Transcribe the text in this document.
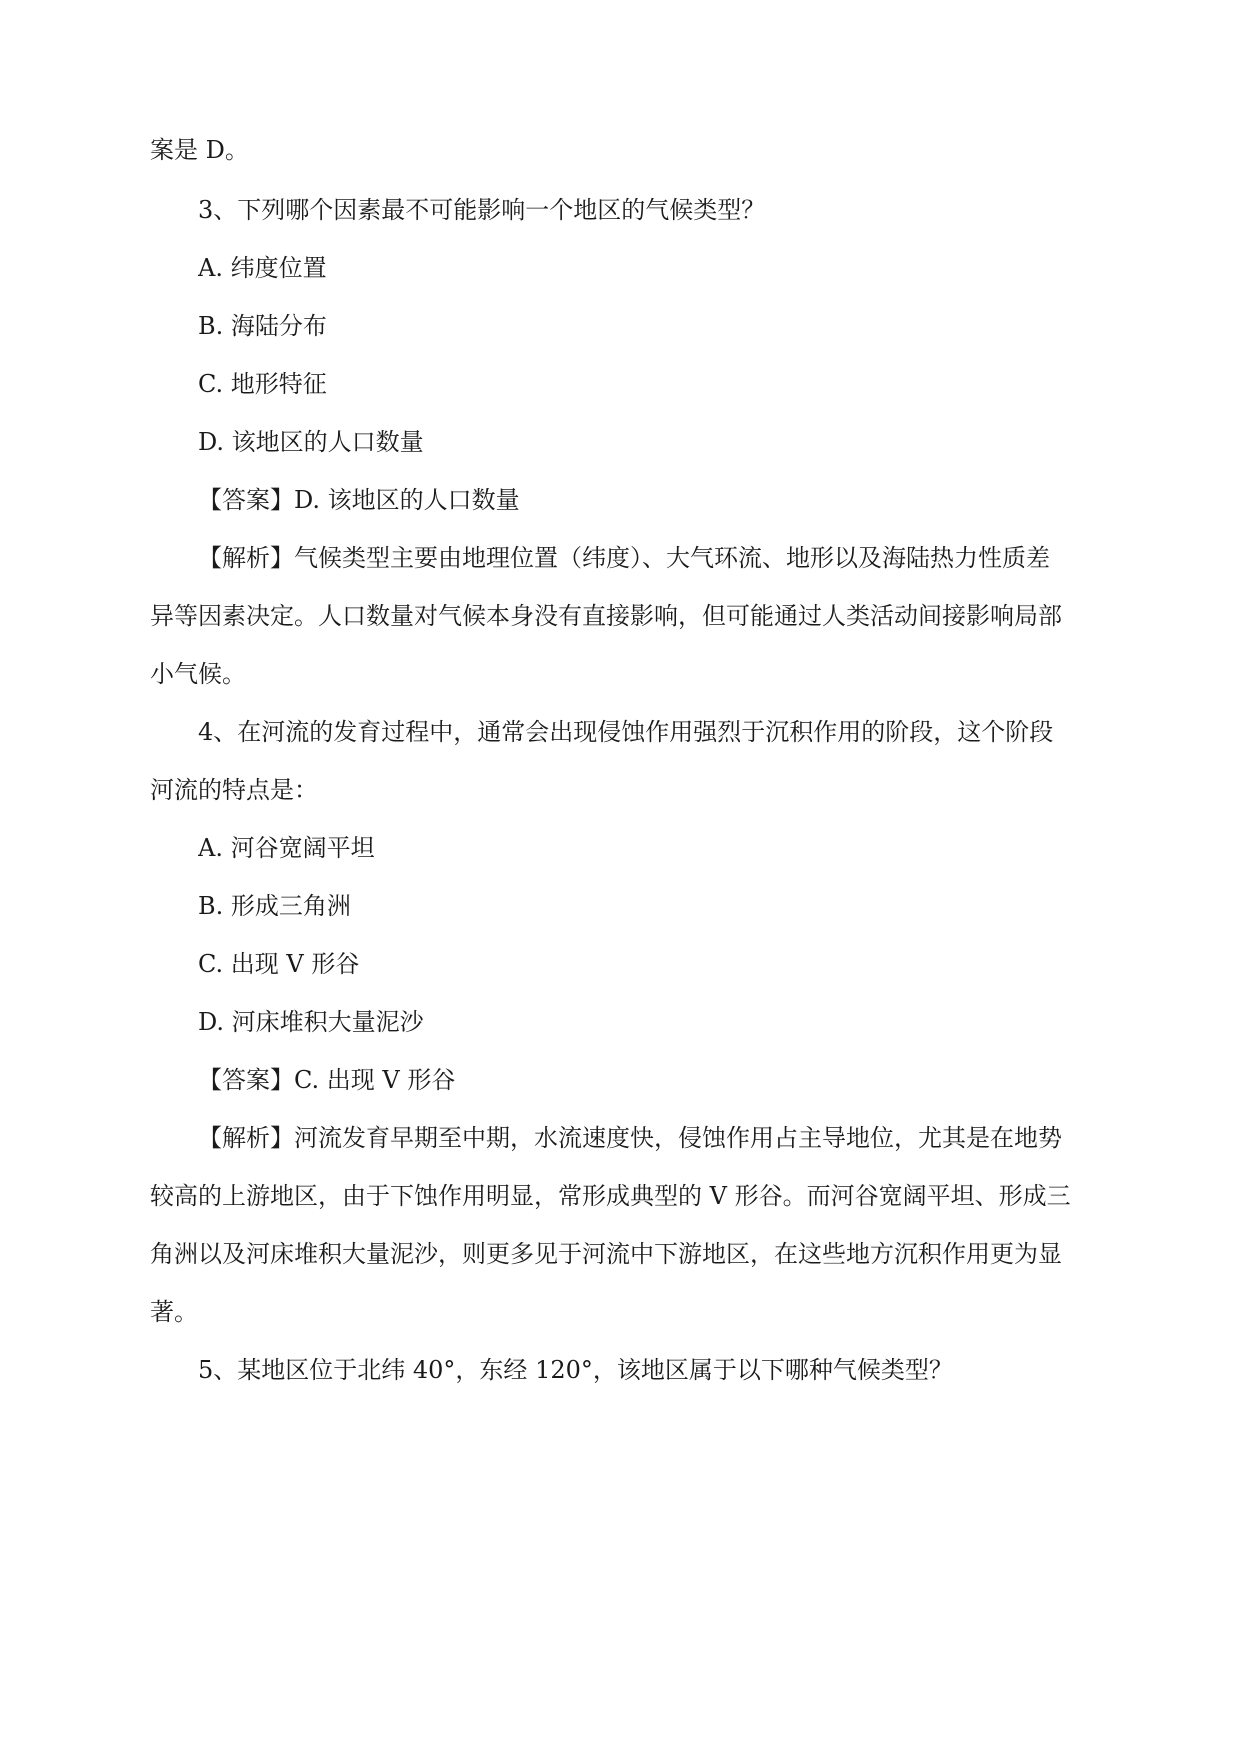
案是 D。
3、下列哪个因素最不可能影响一个地区的气候类型？
A. 纬度位置
B. 海陆分布
C. 地形特征
D. 该地区的人口数量
【答案】D. 该地区的人口数量
【解析】气候类型主要由地理位置（纬度）、大气环流、地形以及海陆热力性质差
异等因素决定。人口数量对气候本身没有直接影响，但可能通过人类活动间接影响局部
小气候。
4、在河流的发育过程中，通常会出现侵蚀作用强烈于沉积作用的阶段，这个阶段
河流的特点是：
A. 河谷宽阔平坦
B. 形成三角洲
C. 出现 V 形谷
D. 河床堆积大量泥沙
【答案】C. 出现 V 形谷
【解析】河流发育早期至中期，水流速度快，侵蚀作用占主导地位，尤其是在地势
较高的上游地区，由于下蚀作用明显，常形成典型的 V 形谷。而河谷宽阔平坦、形成三
角洲以及河床堆积大量泥沙，则更多见于河流中下游地区，在这些地方沉积作用更为显
著。
5、某地区位于北纬 40°，东经 120°，该地区属于以下哪种气候类型？
